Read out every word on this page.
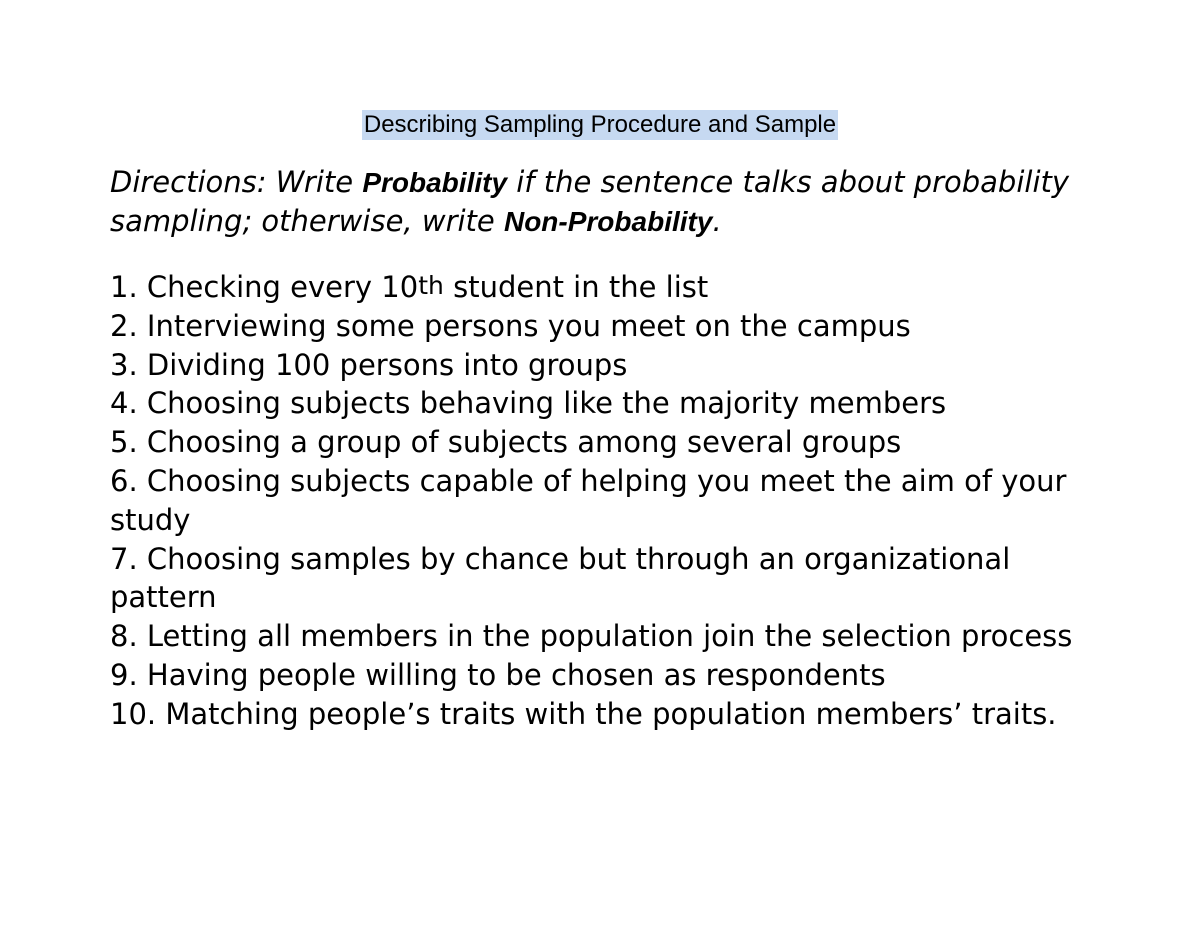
Describing Sampling Procedure and Sample

Directions: Write Probability if the sentence talks about probability sampling; otherwise, write Non-Probability.

1. Checking every 10th student in the list
2. Interviewing some persons you meet on the campus
3. Dividing 100 persons into groups
4. Choosing subjects behaving like the majority members
5. Choosing a group of subjects among several groups
6. Choosing subjects capable of helping you meet the aim of your study
7. Choosing samples by chance but through an organizational pattern
8. Letting all members in the population join the selection process
9. Having people willing to be chosen as respondents
10. Matching people’s traits with the population members’ traits.
